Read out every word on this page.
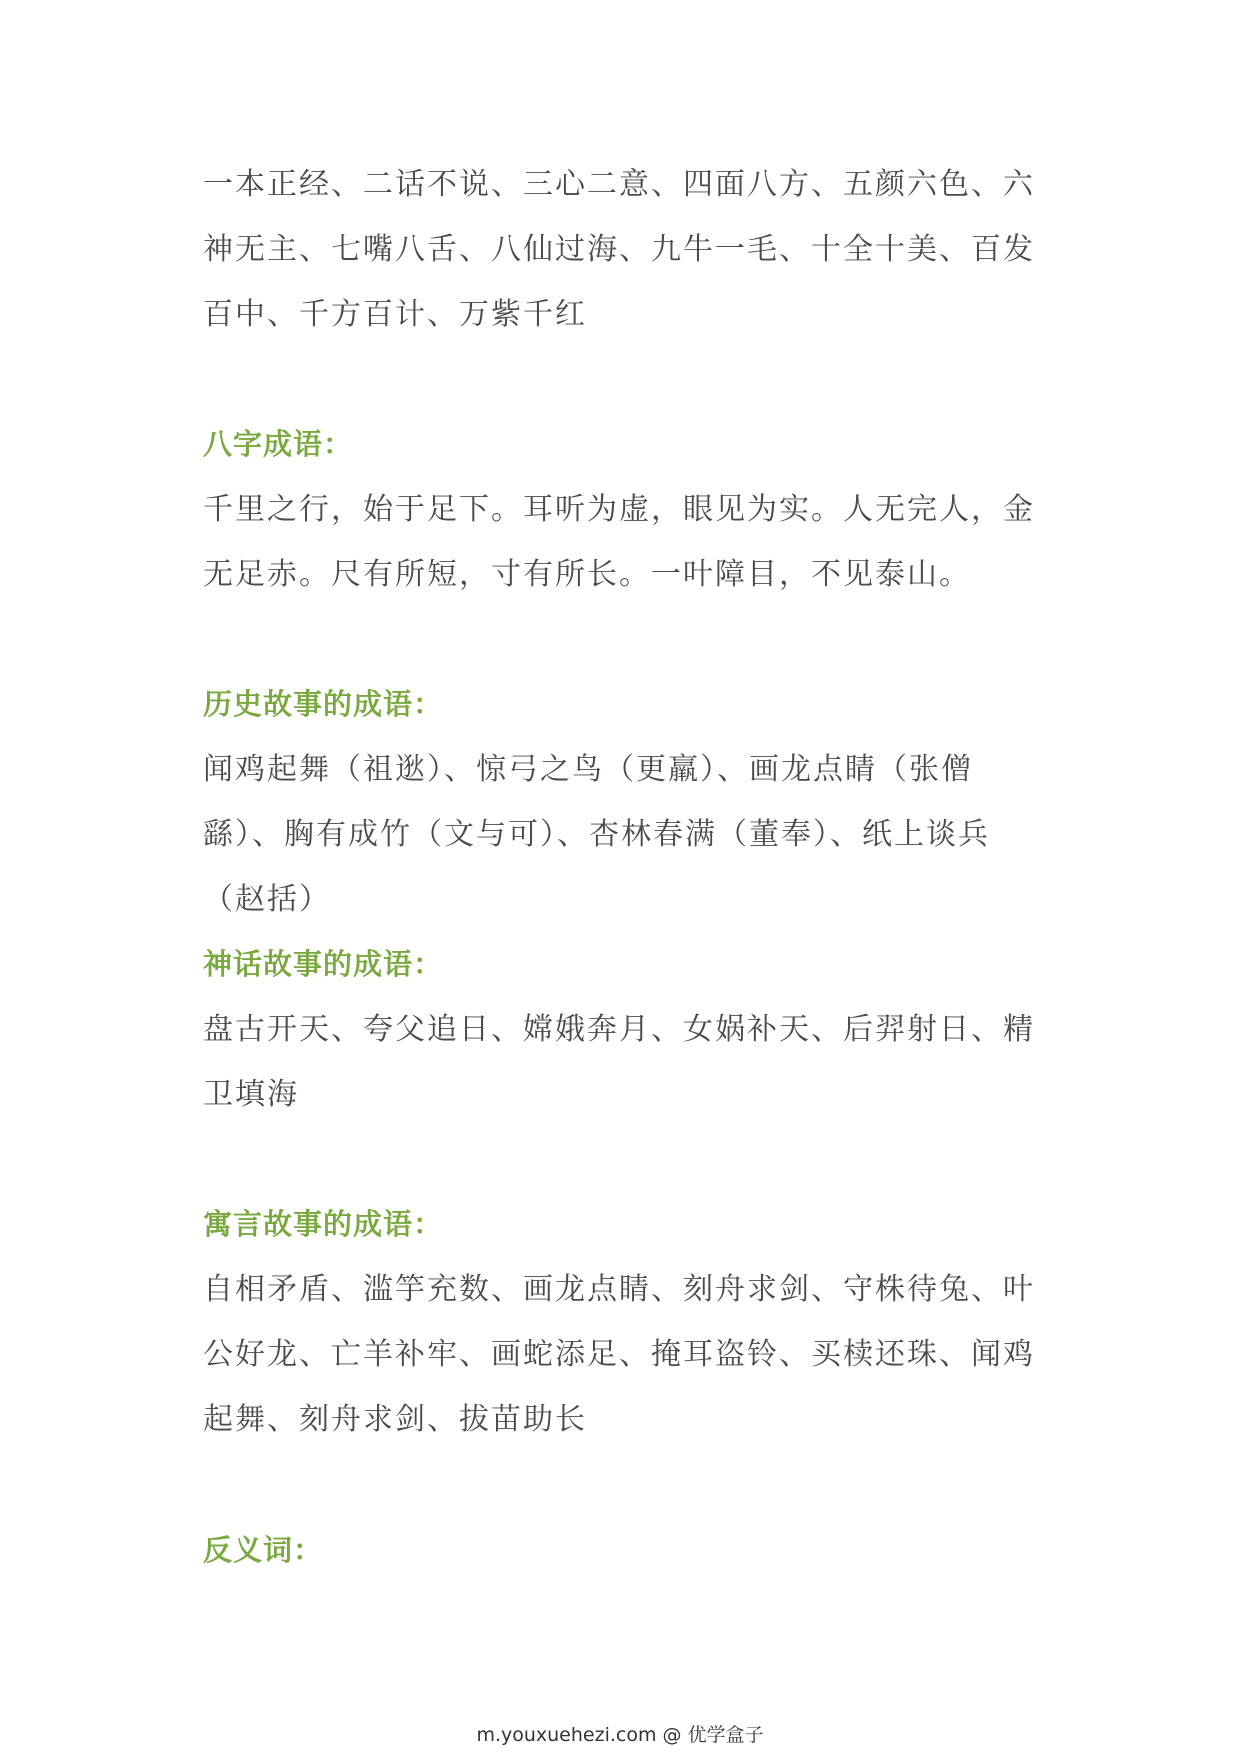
一本正经、二话不说、三心二意、四面八方、五颜六色、六神无主、七嘴八舌、八仙过海、九牛一毛、十全十美、百发百中、千方百计、万紫千红

八字成语：

千里之行，始于足下。耳听为虚，眼见为实。人无完人，金无足赤。尺有所短，寸有所长。一叶障目，不见泰山。

历史故事的成语：

闻鸡起舞（祖逖）、惊弓之鸟（更羸）、画龙点睛（张僧繇）、胸有成竹（文与可）、杏林春满（董奉）、纸上谈兵（赵括）

神话故事的成语：

盘古开天、夸父追日、嫦娥奔月、女娲补天、后羿射日、精卫填海

寓言故事的成语：

自相矛盾、滥竽充数、画龙点睛、刻舟求剑、守株待兔、叶公好龙、亡羊补牢、画蛇添足、掩耳盗铃、买椟还珠、闻鸡起舞、刻舟求剑、拔苗助长

反义词：

m.youxuehezi.com @ 优学盒子
